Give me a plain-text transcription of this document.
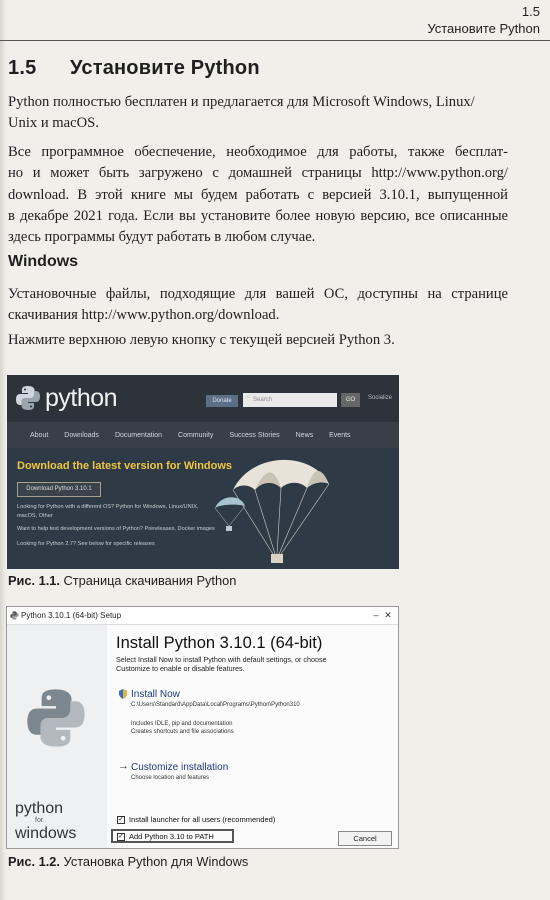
1.5
Установите Python
1.5 Установите Python
Python полностью бесплатен и предлагается для Microsoft Windows, Linux/
Unix и macOS.
Все программное обеспечение, необходимое для работы, также бесплат-
но и может быть загружено с домашней страницы http://www.python.org/
download. В этой книге мы будем работать с версией 3.10.1, выпущенной
в декабре 2021 года. Если вы установите более новую версию, все описанные
здесь программы будут работать в любом случае.
Windows
Установочные файлы, подходящие для вашей ОС, доступны на странице
скачивания http://www.python.org/download.
Нажмите верхнюю левую кнопку с текущей версией Python 3.
python	Donate	Search
⌕	GO	Socialize
About Downloads Documentation Community Success Stories News Events
Download the latest version for Windows
Download Python 3.10.1
Looking for Python with a different OS? Python for Windows, Linux/UNIX,
macOS, Other
Want to help test development versions of Python? Prereleases, Docker images
Looking for Python 2.7? See below for specific releases
Рис. 1.1. Страница скачивания Python
Python 3.10.1 (64-bit) Setup	– ✕
python
for
windows
Install Python 3.10.1 (64-bit)
Select Install Now to install Python with default settings, or choose
Customize to enable or disable features.
Install Now
C:\Users\Standard\AppData\Local\Programs\Python\Python310
Includes IDLE, pip and documentation
Creates shortcuts and file associations
→ Customize installation
Choose location and features
✓ Install launcher for all users (recommended)
✓ Add Python 3.10 to PATH	Cancel
Рис. 1.2. Установка Python для Windows
